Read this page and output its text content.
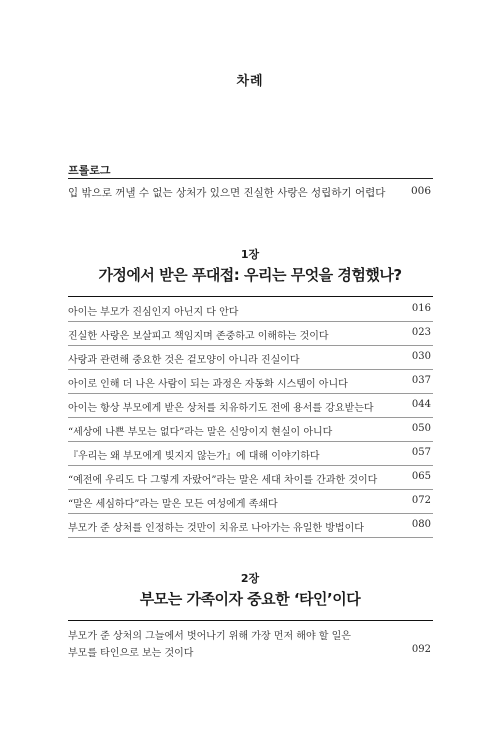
차례
프롤로그
입 밖으로 꺼낼 수 없는 상처가 있으면 진실한 사랑은 성립하기 어렵다 006
1장
가정에서 받은 푸대접: 우리는 무엇을 경험했나?
아이는 부모가 진심인지 아닌지 다 안다	016
진실한 사랑은 보살피고 책임지며 존중하고 이해하는 것이다	023
사랑과 관련해 중요한 것은 겉모양이 아니라 진실이다	030
아이로 인해 더 나은 사람이 되는 과정은 자동화 시스템이 아니다	037
아이는 항상 부모에게 받은 상처를 치유하기도 전에 용서를 강요받는다	044
“세상에 나쁜 부모는 없다”라는 말은 신앙이지 현실이 아니다	050
『우리는 왜 부모에게 빚지지 않는가』에 대해 이야기하다	057
“예전에 우리도 다 그렇게 자랐어”라는 말은 세대 차이를 간과한 것이다	065
“말은 세심하다”라는 말은 모든 여성에게 족쇄다	072
부모가 준 상처를 인정하는 것만이 치유로 나아가는 유일한 방법이다	080
2장
부모는 가족이자 중요한 ‘타인’이다
부모가 준 상처의 그늘에서 벗어나기 위해 가장 먼저 해야 할 일은
부모를 타인으로 보는 것이다	092
